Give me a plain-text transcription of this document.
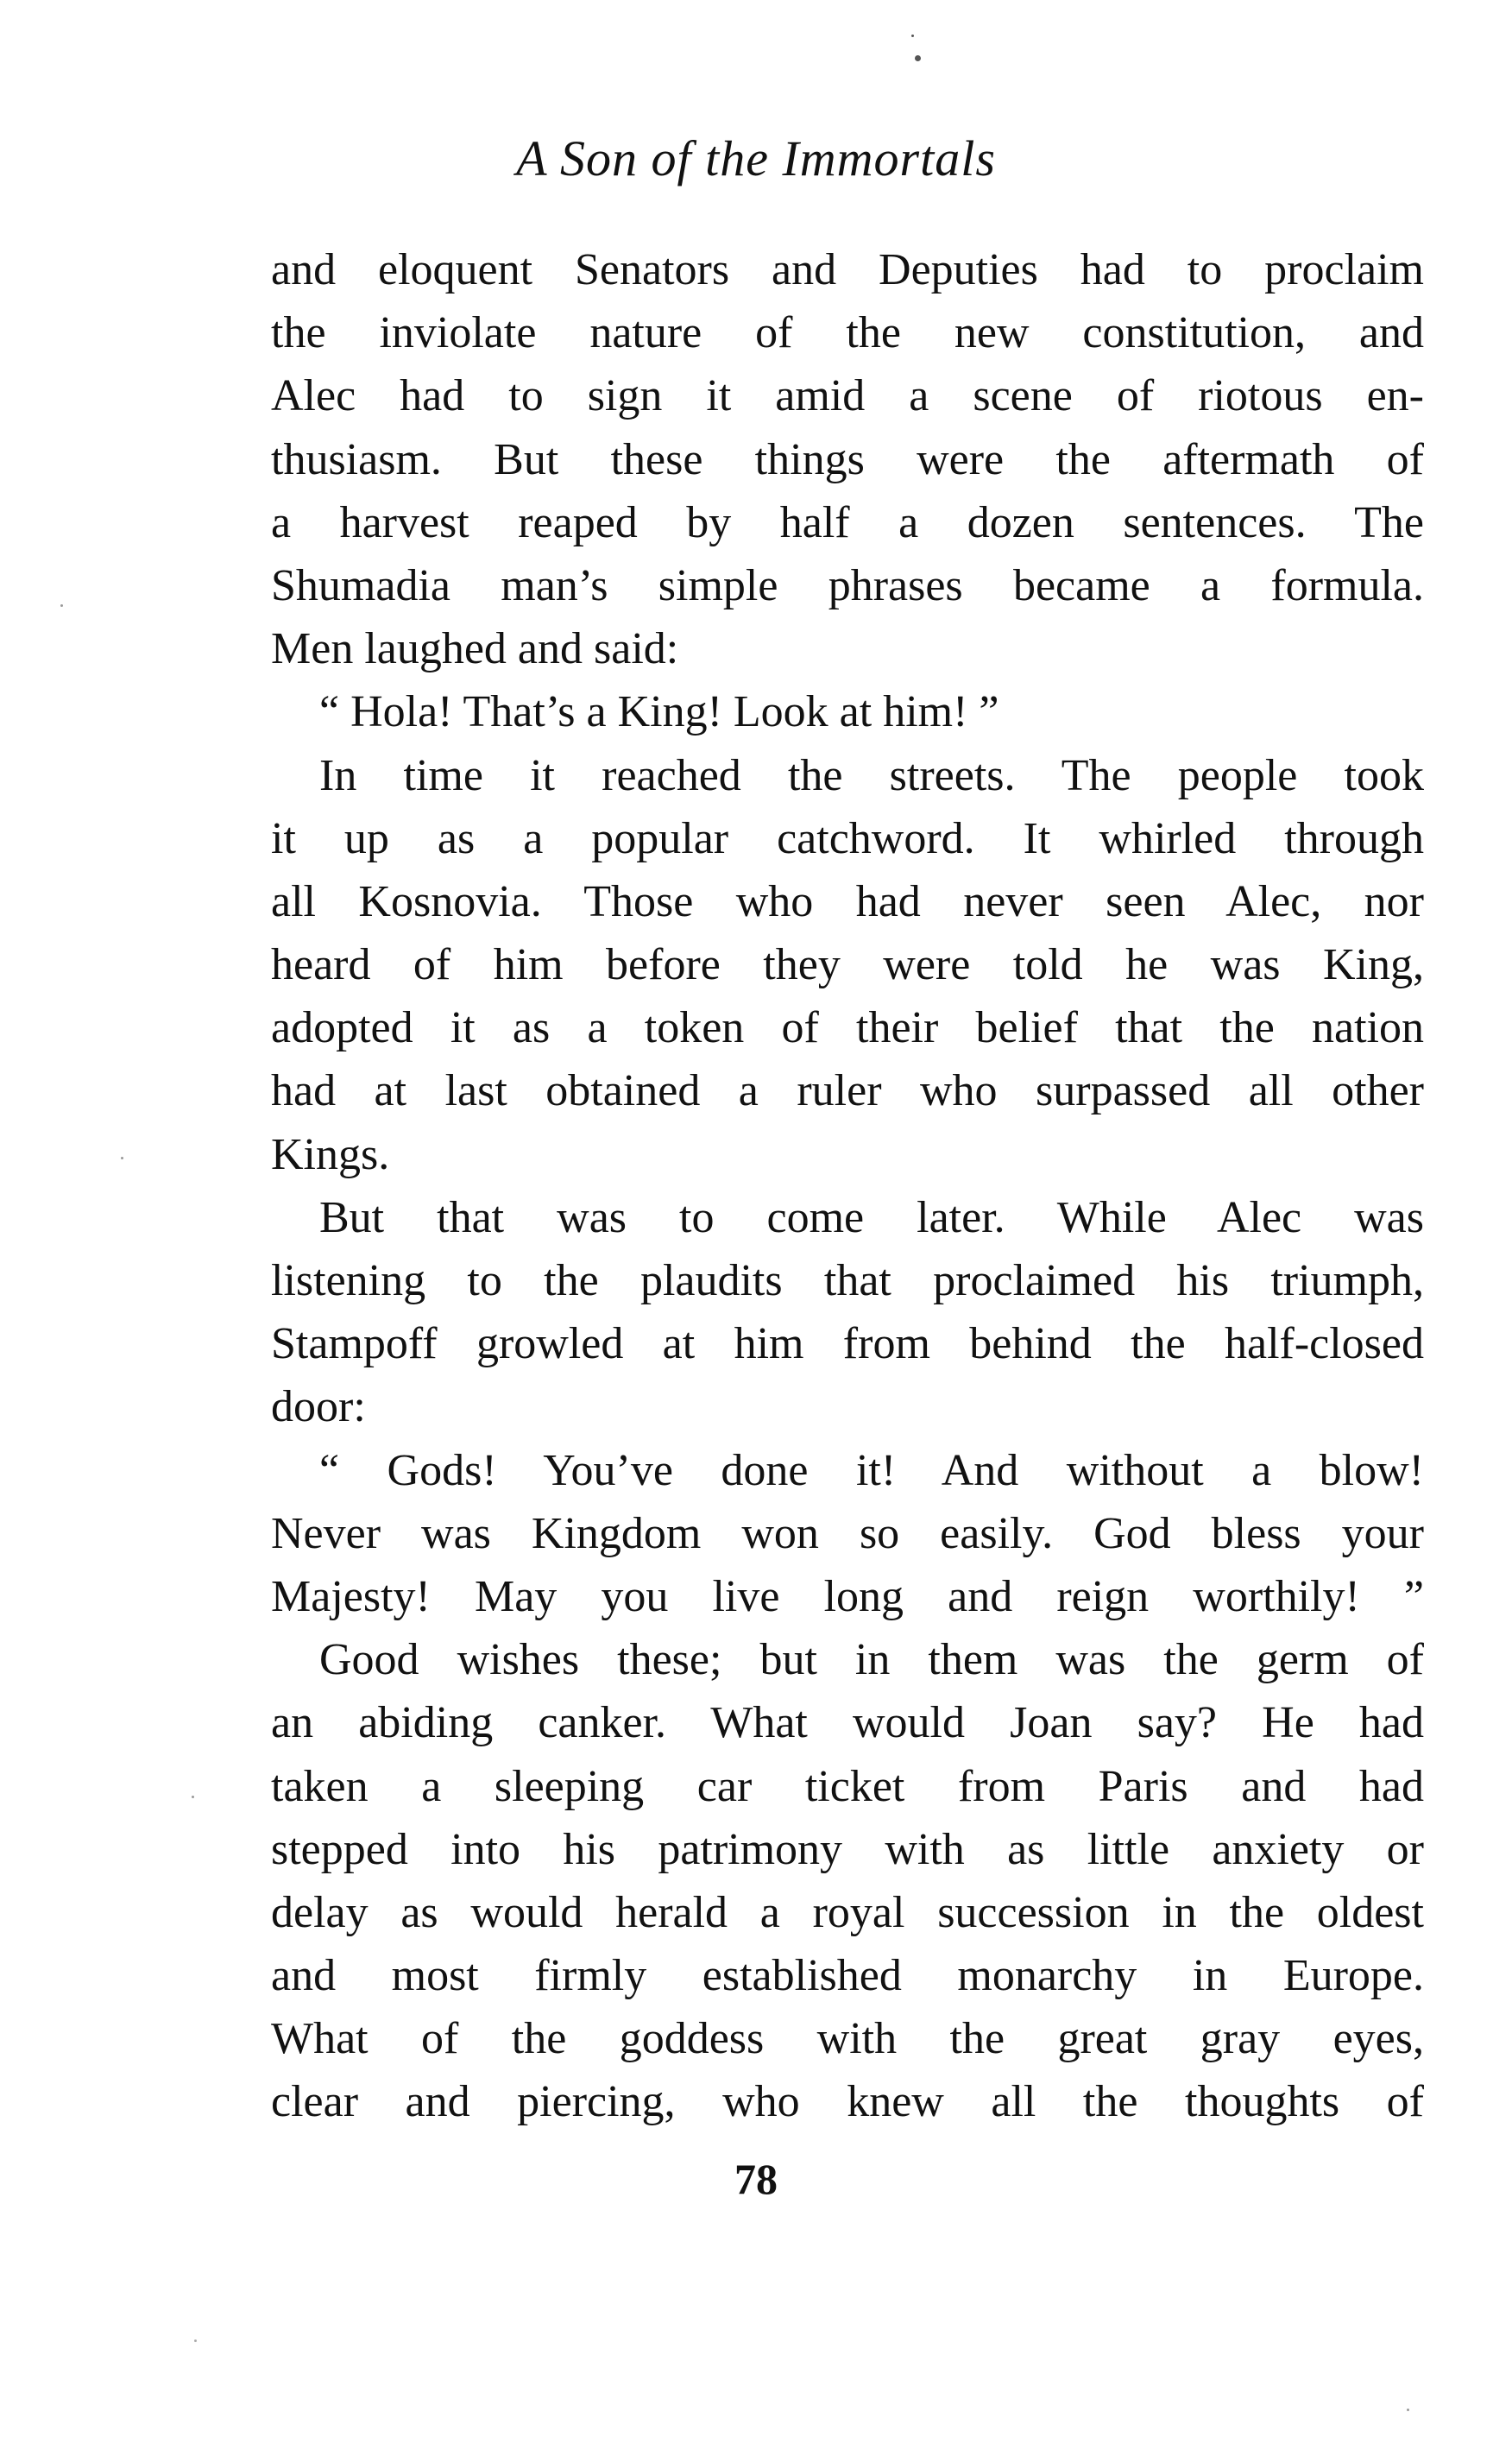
A Son of the Immortals
and eloquent Senators and Deputies had to proclaim
the inviolate nature of the new constitution, and
Alec had to sign it amid a scene of riotous en-
thusiasm. But these things were the aftermath of
a harvest reaped by half a dozen sentences. The
Shumadia man’s simple phrases became a formula.
Men laughed and said:
“ Hola! That’s a King! Look at him! ”
In time it reached the streets. The people took
it up as a popular catchword. It whirled through
all Kosnovia. Those who had never seen Alec, nor
heard of him before they were told he was King,
adopted it as a token of their belief that the nation
had at last obtained a ruler who surpassed all other
Kings.
But that was to come later. While Alec was
listening to the plaudits that proclaimed his triumph,
Stampoff growled at him from behind the half-closed
door:
“ Gods! You’ve done it! And without a blow!
Never was Kingdom won so easily. God bless your
Majesty! May you live long and reign worthily! ”
Good wishes these; but in them was the germ of
an abiding canker. What would Joan say? He had
taken a sleeping car ticket from Paris and had
stepped into his patrimony with as little anxiety or
delay as would herald a royal succession in the oldest
and most firmly established monarchy in Europe.
What of the goddess with the great gray eyes,
clear and piercing, who knew all the thoughts of
78
